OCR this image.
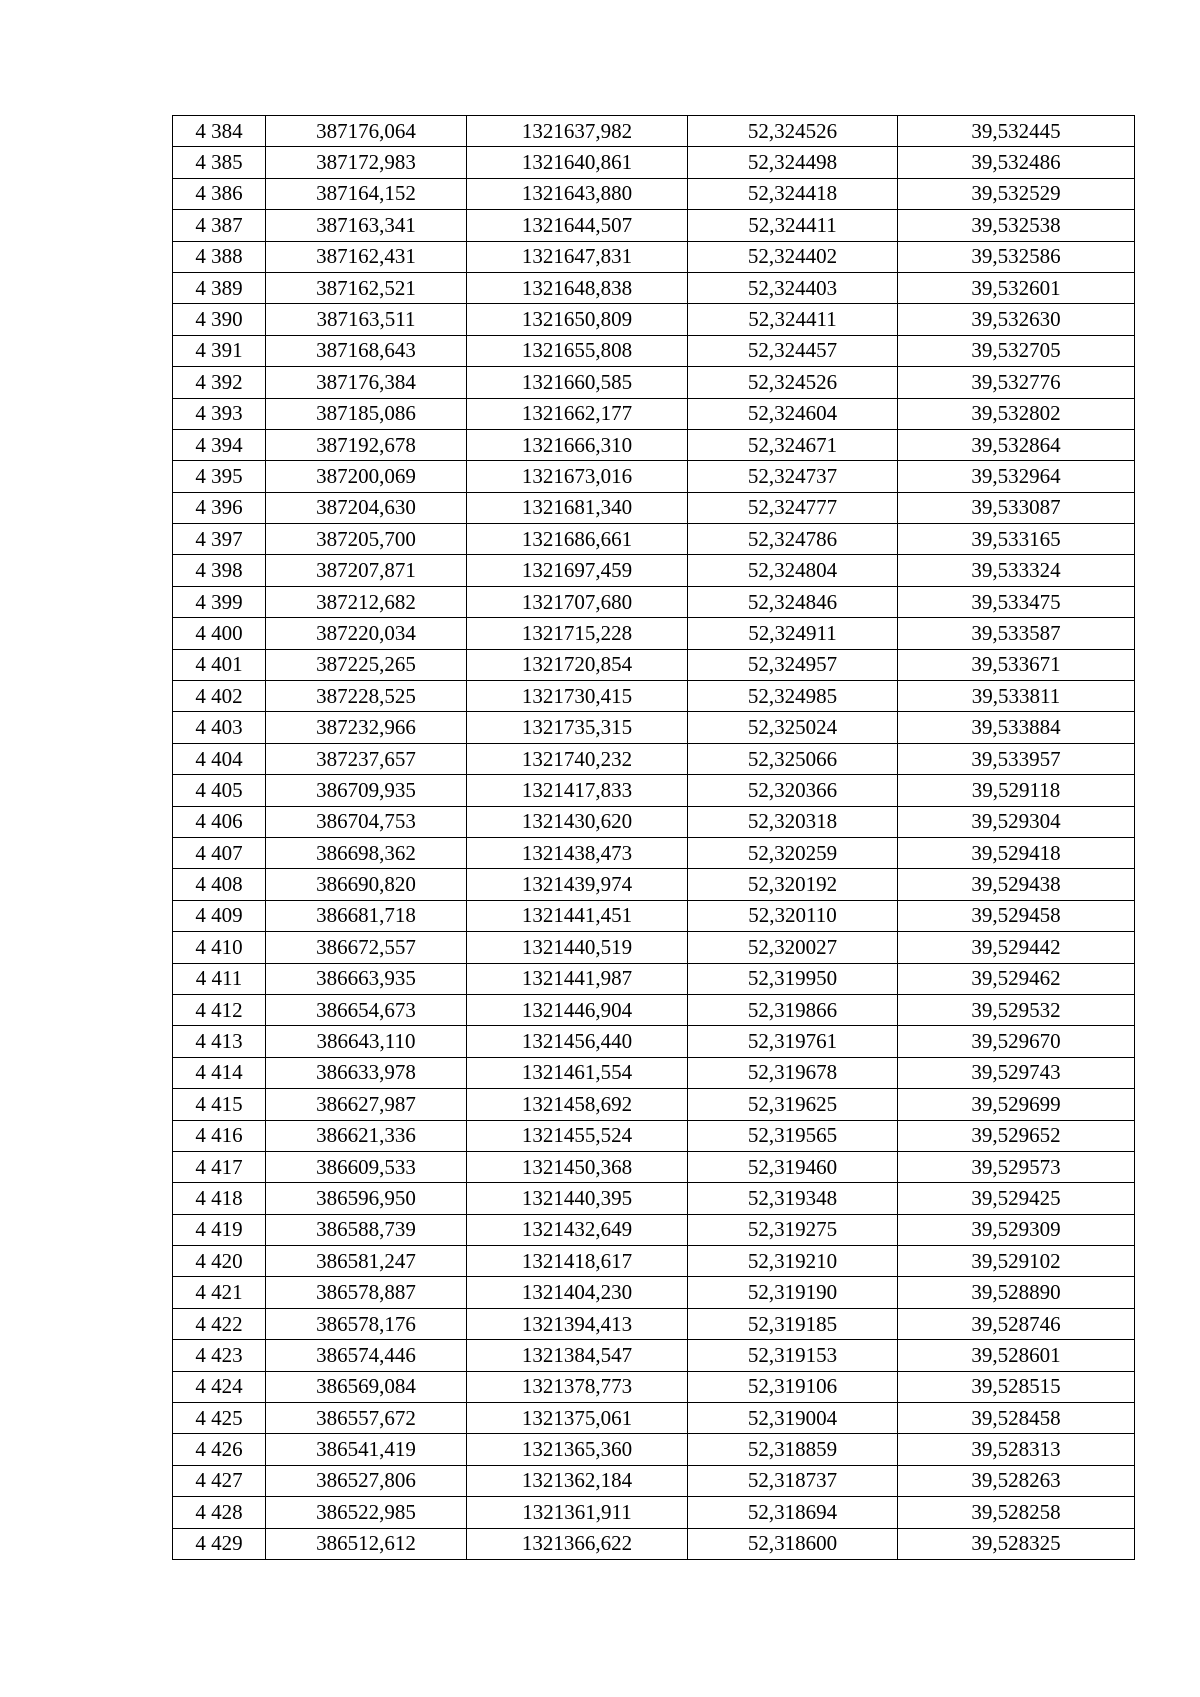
4 384	387176,064	1321637,982	52,324526	39,532445
4 385	387172,983	1321640,861	52,324498	39,532486
4 386	387164,152	1321643,880	52,324418	39,532529
4 387	387163,341	1321644,507	52,324411	39,532538
4 388	387162,431	1321647,831	52,324402	39,532586
4 389	387162,521	1321648,838	52,324403	39,532601
4 390	387163,511	1321650,809	52,324411	39,532630
4 391	387168,643	1321655,808	52,324457	39,532705
4 392	387176,384	1321660,585	52,324526	39,532776
4 393	387185,086	1321662,177	52,324604	39,532802
4 394	387192,678	1321666,310	52,324671	39,532864
4 395	387200,069	1321673,016	52,324737	39,532964
4 396	387204,630	1321681,340	52,324777	39,533087
4 397	387205,700	1321686,661	52,324786	39,533165
4 398	387207,871	1321697,459	52,324804	39,533324
4 399	387212,682	1321707,680	52,324846	39,533475
4 400	387220,034	1321715,228	52,324911	39,533587
4 401	387225,265	1321720,854	52,324957	39,533671
4 402	387228,525	1321730,415	52,324985	39,533811
4 403	387232,966	1321735,315	52,325024	39,533884
4 404	387237,657	1321740,232	52,325066	39,533957
4 405	386709,935	1321417,833	52,320366	39,529118
4 406	386704,753	1321430,620	52,320318	39,529304
4 407	386698,362	1321438,473	52,320259	39,529418
4 408	386690,820	1321439,974	52,320192	39,529438
4 409	386681,718	1321441,451	52,320110	39,529458
4 410	386672,557	1321440,519	52,320027	39,529442
4 411	386663,935	1321441,987	52,319950	39,529462
4 412	386654,673	1321446,904	52,319866	39,529532
4 413	386643,110	1321456,440	52,319761	39,529670
4 414	386633,978	1321461,554	52,319678	39,529743
4 415	386627,987	1321458,692	52,319625	39,529699
4 416	386621,336	1321455,524	52,319565	39,529652
4 417	386609,533	1321450,368	52,319460	39,529573
4 418	386596,950	1321440,395	52,319348	39,529425
4 419	386588,739	1321432,649	52,319275	39,529309
4 420	386581,247	1321418,617	52,319210	39,529102
4 421	386578,887	1321404,230	52,319190	39,528890
4 422	386578,176	1321394,413	52,319185	39,528746
4 423	386574,446	1321384,547	52,319153	39,528601
4 424	386569,084	1321378,773	52,319106	39,528515
4 425	386557,672	1321375,061	52,319004	39,528458
4 426	386541,419	1321365,360	52,318859	39,528313
4 427	386527,806	1321362,184	52,318737	39,528263
4 428	386522,985	1321361,911	52,318694	39,528258
4 429	386512,612	1321366,622	52,318600	39,528325
